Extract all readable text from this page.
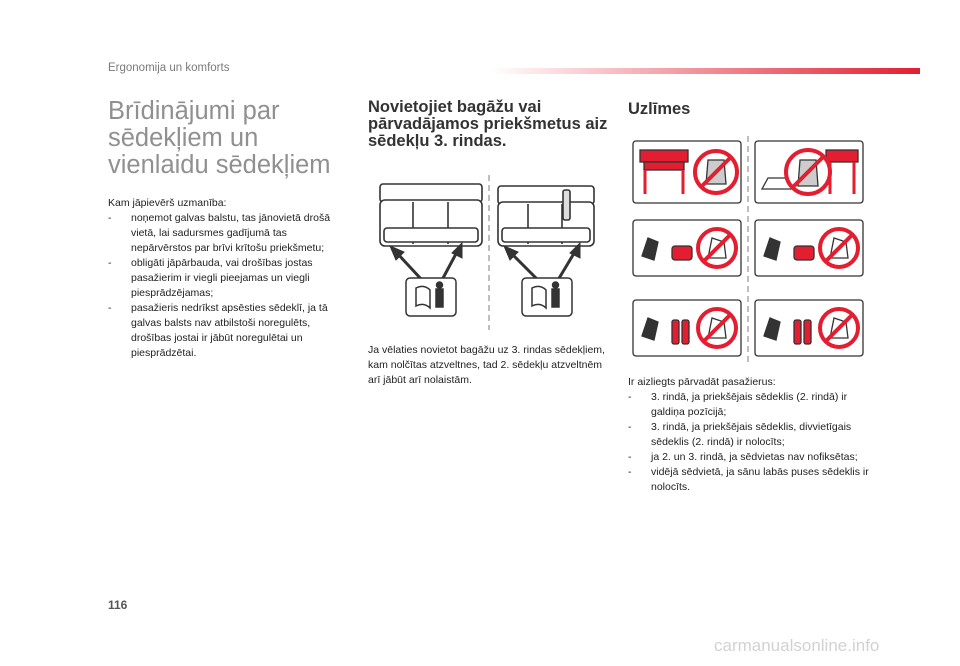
Ergonomija un komforts
Brīdinājumi par sēdekļiem un vienlaidu sēdekļiem
Kam jāpievērš uzmanība:
- noņemot galvas balstu, tas jānovietā drošā vietā, lai sadursmes gadījumā tas nepārvērstos par brīvi krītošu priekšmetu;
- obligāti jāpārbauda, vai drošības jostas pasažierim ir viegli pieejamas un viegli piesprādzējamas;
- pasažieris nedrīkst apsēsties sēdeklī, ja tā galvas balsts nav atbilstoši noregulēts, drošības jostai ir jābūt noregulētai un piesprādzētai.
Novietojiet bagāžu vai pārvadājamos priekšmetus aiz sēdekļu 3. rindas.
Ja vēlaties novietot bagāžu uz 3. rindas sēdekļiem, kam nolčītas atzveltnes, tad 2. sēdekļu atzveltnēm arī jābūt arī nolaistām.
Uzlīmes
Ir aizliegts pārvadāt pasažierus:
- 3. rindā, ja priekšējais sēdeklis (2. rindā) ir galdiņa pozīcijā;
- 3. rindā, ja priekšējais sēdeklis, divvietīgais sēdeklis (2. rindā) ir nolocīts;
- ja 2. un 3. rindā, ja sēdvietas nav nofiksētas;
- vidējā sēdvietā, ja sānu labās puses sēdeklis ir nolocīts.
116
carmanualsonline.info
